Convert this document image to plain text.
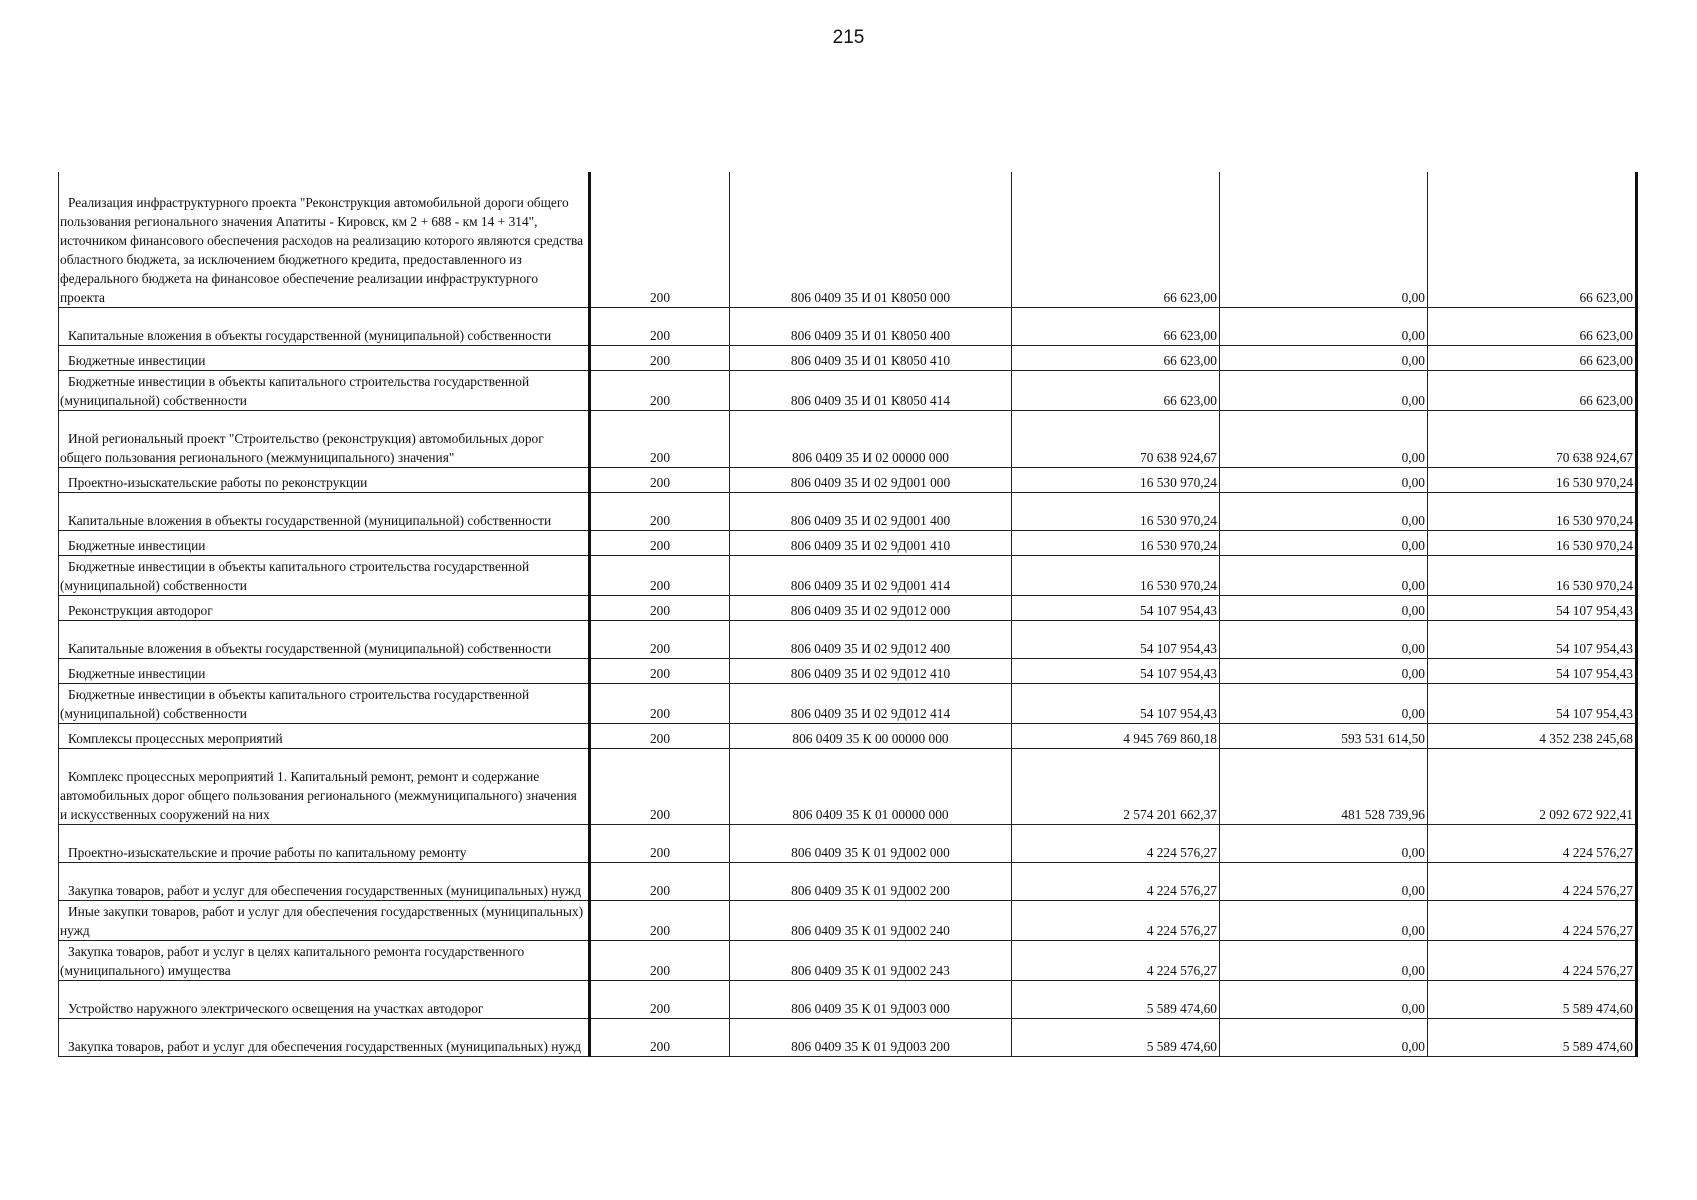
215
Реализация инфраструктурного проекта "Реконструкция автомобильной дороги общего пользования регионального значения Апатиты - Кировск, км 2 + 688 - км 14 + 314", источником финансового обеспечения расходов на реализацию которого являются средства областного бюджета, за исключением бюджетного кредита, предоставленного из федерального бюджета на финансовое обеспечение реализации инфраструктурного проекта	200	806 0409 35 И 01 К8050 000	66 623,00	0,00	66 623,00
Капитальные вложения в объекты государственной (муниципальной) собственности	200	806 0409 35 И 01 К8050 400	66 623,00	0,00	66 623,00
Бюджетные инвестиции	200	806 0409 35 И 01 К8050 410	66 623,00	0,00	66 623,00
Бюджетные инвестиции в объекты капитального строительства государственной (муниципальной) собственности	200	806 0409 35 И 01 К8050 414	66 623,00	0,00	66 623,00
Иной региональный проект "Строительство (реконструкция) автомобильных дорог общего пользования регионального (межмуниципального) значения"	200	806 0409 35 И 02 00000 000	70 638 924,67	0,00	70 638 924,67
Проектно-изыскательские работы по реконструкции	200	806 0409 35 И 02 9Д001 000	16 530 970,24	0,00	16 530 970,24
Капитальные вложения в объекты государственной (муниципальной) собственности	200	806 0409 35 И 02 9Д001 400	16 530 970,24	0,00	16 530 970,24
Бюджетные инвестиции	200	806 0409 35 И 02 9Д001 410	16 530 970,24	0,00	16 530 970,24
Бюджетные инвестиции в объекты капитального строительства государственной (муниципальной) собственности	200	806 0409 35 И 02 9Д001 414	16 530 970,24	0,00	16 530 970,24
Реконструкция автодорог	200	806 0409 35 И 02 9Д012 000	54 107 954,43	0,00	54 107 954,43
Капитальные вложения в объекты государственной (муниципальной) собственности	200	806 0409 35 И 02 9Д012 400	54 107 954,43	0,00	54 107 954,43
Бюджетные инвестиции	200	806 0409 35 И 02 9Д012 410	54 107 954,43	0,00	54 107 954,43
Бюджетные инвестиции в объекты капитального строительства государственной (муниципальной) собственности	200	806 0409 35 И 02 9Д012 414	54 107 954,43	0,00	54 107 954,43
Комплексы процессных мероприятий	200	806 0409 35 К 00 00000 000	4 945 769 860,18	593 531 614,50	4 352 238 245,68
Комплекс процессных мероприятий 1. Капитальный ремонт, ремонт и содержание автомобильных дорог общего пользования регионального (межмуниципального) значения и искусственных сооружений на них	200	806 0409 35 К 01 00000 000	2 574 201 662,37	481 528 739,96	2 092 672 922,41
Проектно-изыскательские и прочие работы по капитальному ремонту	200	806 0409 35 К 01 9Д002 000	4 224 576,27	0,00	4 224 576,27
Закупка товаров, работ и услуг для обеспечения государственных (муниципальных) нужд	200	806 0409 35 К 01 9Д002 200	4 224 576,27	0,00	4 224 576,27
Иные закупки товаров, работ и услуг для обеспечения государственных (муниципальных) нужд	200	806 0409 35 К 01 9Д002 240	4 224 576,27	0,00	4 224 576,27
Закупка товаров, работ и услуг в целях капитального ремонта государственного (муниципального) имущества	200	806 0409 35 К 01 9Д002 243	4 224 576,27	0,00	4 224 576,27
Устройство наружного электрического освещения на участках автодорог	200	806 0409 35 К 01 9Д003 000	5 589 474,60	0,00	5 589 474,60
Закупка товаров, работ и услуг для обеспечения государственных (муниципальных) нужд	200	806 0409 35 К 01 9Д003 200	5 589 474,60	0,00	5 589 474,60
